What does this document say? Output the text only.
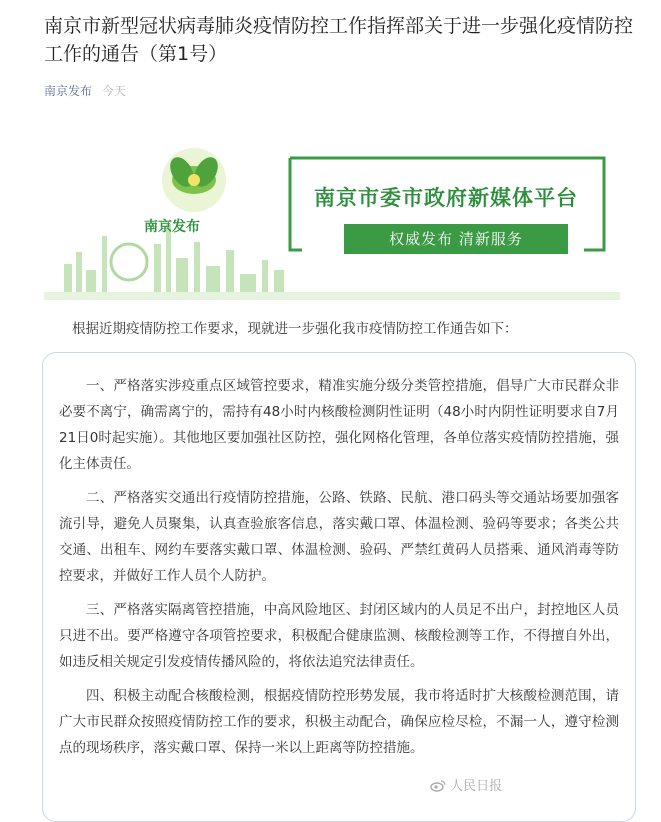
南京市新型冠状病毒肺炎疫情防控工作指挥部关于进一步强化疫情防控工作的通告（第1号）
南京发布 今天
南京发布
南京市委市政府新媒体平台
权威发布 清新服务
根据近期疫情防控工作要求，现就进一步强化我市疫情防控工作通告如下：

一、严格落实涉疫重点区域管控要求，精准实施分级分类管控措施，倡导广大市民群众非必要不离宁，确需离宁的，需持有48小时内核酸检测阴性证明（48小时内阴性证明要求自7月21日0时起实施）。其他地区要加强社区防控，强化网格化管理，各单位落实疫情防控措施，强化主体责任。

二、严格落实交通出行疫情防控措施，公路、铁路、民航、港口码头等交通站场要加强客流引导，避免人员聚集，认真查验旅客信息，落实戴口罩、体温检测、验码等要求；各类公共交通、出租车、网约车要落实戴口罩、体温检测、验码、严禁红黄码人员搭乘、通风消毒等防控要求，并做好工作人员个人防护。

三、严格落实隔离管控措施，中高风险地区、封闭区域内的人员足不出户，封控地区人员只进不出。要严格遵守各项管控要求，积极配合健康监测、核酸检测等工作，不得擅自外出，如违反相关规定引发疫情传播风险的，将依法追究法律责任。

四、积极主动配合核酸检测，根据疫情防控形势发展，我市将适时扩大核酸检测范围，请广大市民群众按照疫情防控工作的要求，积极主动配合，确保应检尽检，不漏一人，遵守检测点的现场秩序，落实戴口罩、保持一米以上距离等防控措施。

人民日报
